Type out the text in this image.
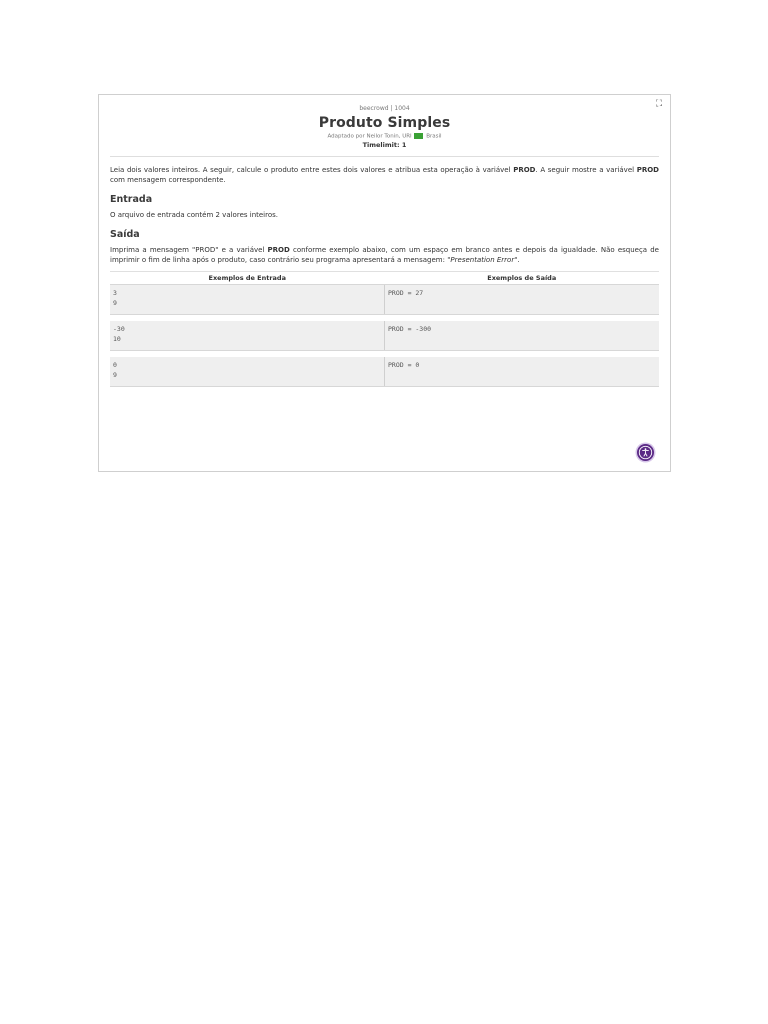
⛶
beecrowd | 1004
Produto Simples
Adaptado por Neilor Tonin, URI	Brasil
Timelimit: 1

Leia dois valores inteiros. A seguir, calcule o produto entre estes dois valores e atribua esta operação à variável PROD. A seguir mostre a variável PROD com mensagem correspondente.

Entrada

O arquivo de entrada contém 2 valores inteiros.

Saída

Imprima a mensagem "PROD" e a variável PROD conforme exemplo abaixo, com um espaço em branco antes e depois da igualdade. Não esqueça de imprimir o fim de linha após o produto, caso contrário seu programa apresentará a mensagem: "Presentation Error".

Exemplos de Entrada	Exemplos de Saída
3
9	PROD = 27

-30
10	PROD = -300

0
9	PROD = 0
